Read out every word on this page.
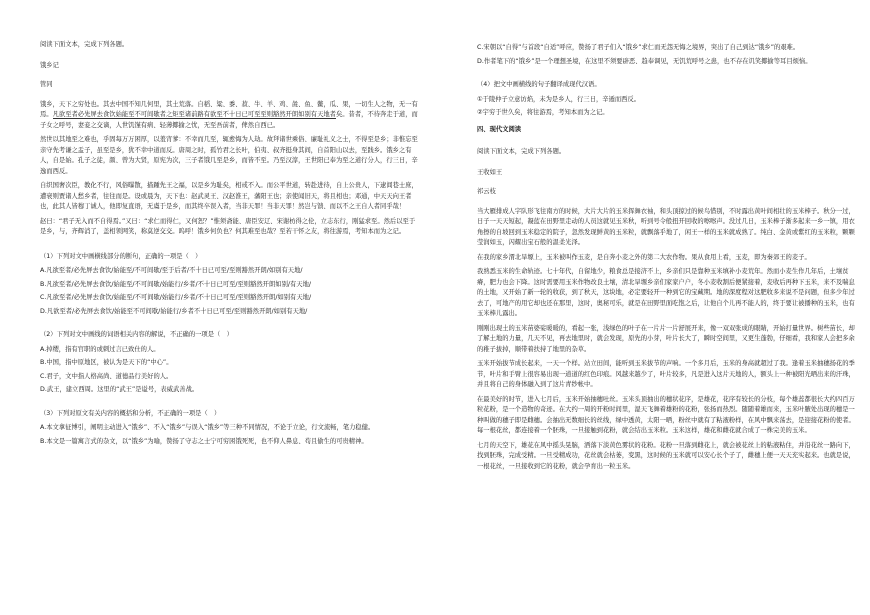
阅读下面文本，完成下列各题。

饿乡记

管同

饿乡，天下之穷处也。其去中国不知几何里，其土荒落。自稻、粱、黍、菽、牛、羊、鸡、彘、鱼、鳖，瓜、果，一切生人之物，无一有焉。凡欲至者必先屏去食饮始能至不可间歇者之矩至诸前路有欲至不十日已可至至则豁然开朗如别有天地者矣。昔者，不待奔走于道，而子女之呼号，妻妾之交谪，人世饥馑有病、轻薄揶揄之忧，无至吾前者，俾然自西已。

然世以其地至之难也，乎固每万万困厚，以羞宵爹：不幸而几至，辄愈悔为人劫。故拜诸世乘俗、廉耻礼义之士，不得至是乡；非惟忘至亲守先考谦之盂子，虽至是乡，犹不幸中道而反。唐周之时，孤竹君之长叶，伯夷、叔齐挺身其间，自首阳山以去，至践乡。饿乡之有人，自是始。孔子之徒，颜、曾为大贤，原宪为次，三子者饿几至是乡，而皆不至。乃至汉淳，王世阳已奉为至之道行分人，行三日，辛逸而西反。

自织国奢次臣，教化不行，风俗曝散，描踵先王之福，以是乡为耻矣，相戒不入。而公平世道，转赴进待，自上公贵人，下逮闾巷士庶，遭衰则贾诸人愁乡者，往往而是。设或晨为，天下也：赵武灵王、汉赵淮王，藩阳王也；亲使闻旧天，将且相也；邓通，中天天向王者也，此其人皆穆丁诚人，他即复直语，无虞于是乡，而其终卒误入者，当非天罪！当非天罪！然岂与馈、而以不之王自人者同乎哉！

赵曰：“君子无入而不自得焉。”又曰：“求仁而得仁，又何恕？”惟须斋能、唐臣安辽、宋谢枋得之伦，立志东行，刚猛求至。然后以至于是乡，与，齐辉消了，盖相领网笑，称莫逆交交。呜呼！饿乡何负也？何其难至也哉？至若干怀之友，将往游焉，考知本而为之记。

（1）下列对文中画横线部分的断句，正确的一项是（　）

A.凡欲至者/必先屏去食饮/始能至/不可间歇/至于后者/不十日已可至/至则豁然开朗/如别有天地/

B.凡欲至者/必先屏去食饮/始能至/不可间歇/始能行/乡者/不十日已可至/至则豁然开朗如别/有天地/

C.凡欲至者/必先屏去食饮/始能至/不可间歇/始能行/乡者/不十日已可至/至则豁然开朗/如别有天地/

D.凡欲至者/必先屏去食饮/始能至不可间歇/始能行/乡者不十日已可至/至则豁然开朗/如别有天地/

（2）下列对文中画线的词语相关内容的解说，不正确的一项是（　）

A.掉缨，指有官职的或刺过言已致仕的人。

B.中国，指中原地区，被认为是天下的“中心”。

C.君子，文中指人格高尚、道德品行美好的人。

D.武王，建立西周。这里的“武王”是谥号，表威武善战。

（3）下列对原文有关内容的概括和分析，不正确的一项是（　）

A.本文拿征博引，阐明主动进入“饿乡”、不入“饿乡”与误入“饿乡”等三种不同情况，不论于立论，行文流畅，笔力稳健。

B.本文是一篇寓言式的杂文，以“饿乡”为喻，赞扬了守志之士宁可穷困饿死死，也不仰人鼻息、苟且偷生的可贵精神。

C.宋朝以“自得”与首段“自适”呼应，赞扬了君子们入“饿乡”求仁而无怨无悔之境界，突出了自己到达“饿乡”的艰难。

D.作者笔下的“饿乡”是一个理想圣境，在这里不须要辟恶、趋奉调见，无饥荒呼号之患，也不存在讥笑揶揄等耳目烦恼。

（4）把文中画横线的句子翻译成现代汉语。

①于陵仲子立意访焰，未为是乡人，行三日，辛遁而西反。

②宇穷于世久矣，将往游焉，考知本而为之记。

四、现代文阅读

阅读下面文本，完成下列各题。

王收如王

祁云枝

当大雁排成人字队形飞往南方的时候，大片大片的玉米挥舞衣袖，和头顶掠过的候鸟惜别，不时露出黄叶间相壮的玉米棒子。秋分一过，日子一天天短起，凝蓝在田野里走动的人员这就见玉米秋，听到号令般扭开回收的嚓嚓声。没过几日，玉米棒子渐多起来一乡一镇，用衣角擦的自坡回到玉米稳定的院子，忽然发现鲜黄的玉米粒，就飘落乎地了，闲王一样的玉米就成熟了。纯白、金黄或紫红的玉米粒，颗颗莹润如玉，闪耀出宝石般的温柔光泽。

在我的家乡渭北旱塬上，玉米被叫作玉麦，是自奔小麦之外的第二大农作物。果从食用上看，玉麦，即为秦郊王的麦子。

我熟悉玉米的生命轨迹。七十年代，自留地少，粮食总是接济不上，乡亲们只是靠种玉米填补小麦荒年。然而小麦生作几年后，土壤贫瘠，肥力也会下降。这时需要用玉米作物改良土壤，清北旱塬乡亲们家家户户，冬小麦收割后便紧接着，麦收后再种下玉米，来不及喘息的土地，又开始了新一轮的收获，到了秋天，这块地，必定要轻开一种到它的宝藏期。地的深度程对这肥收多来说不是问题，但多少年过去了，可地产的用它却也还在那里，这时，奥秘可乐，就是在田野里面吃饱之后，让他自个儿再不能人的，终于要让被播种的玉米，也有玉米棒儿露出。

刚刚出现土的玉米苗婆娑暖暖的，看起一张，浅绿色的叶子在一片片一片舒展开来，像一双双张成的眼睛，开始打量世界。树些苗长，却了解土地的力量，几天不见，再去地里时，就会发现，原先的小芽，叶片长大了，瞬时空间里，又更生蓬勃，仔细看，我和家人会把多余的稚子拔掉，顺带着扶持了地里的杂草。

玉米开始拔节成长起来，一天一个样。站立田间，能听到玉米拔节的声响。一个多月后，玉米的身高就超过了我。逢着玉米抽穗扬花的季节，叶片和手臂上很容易出现一道道的红色印痕。风越来越少了，叶片较多，凡是进入这片天地的人，额头上一种被阳光晒出来的汗珠，并且将自己的身体融入到了这片青纱帐中。

在最美好的时节，进入七月后，玉米开始抽穗吐丝。玉米头顶抽出的穗状花序，是雄花，花序有较长的分枝，每个雄蕊都很长大约四百万粒花粉，是一个造物的奇迹。在大约一周的开粉时间里，湿天飞舞着雄粉的花粉，张扬而热烈。随随着雄而来，玉米叶腋处出现的穗是一种叫做的穗子即是雌穗。会抽出无数细长的丝线，绿中透黄，太阳一晒，粉丝中就有了粘液粉样，在风中飘来荡去，是迎接花粉的使者。每一根花丝，都连接着一个胚珠，一旦接触到花粉，就会结出玉米粒。玉米这样，雄花和雌花就合成了一株完美的玉米。

七月的天空下，雄花在风中摇头晃脑，洒落下淡黄色雾状的花粉。花粉一旦落到雌花上，就会被花丝上的粘液粘住，并沿花丝一路向下，找到胚珠，完成受精。一旦受精成功，花丝就会枯萎，变黑，这时候的玉米就可以安心长个子了，雌穗上便一天天充实起来。也就是说，一根花丝，一旦接收到它的花粉，就会孕育出一粒玉米。
